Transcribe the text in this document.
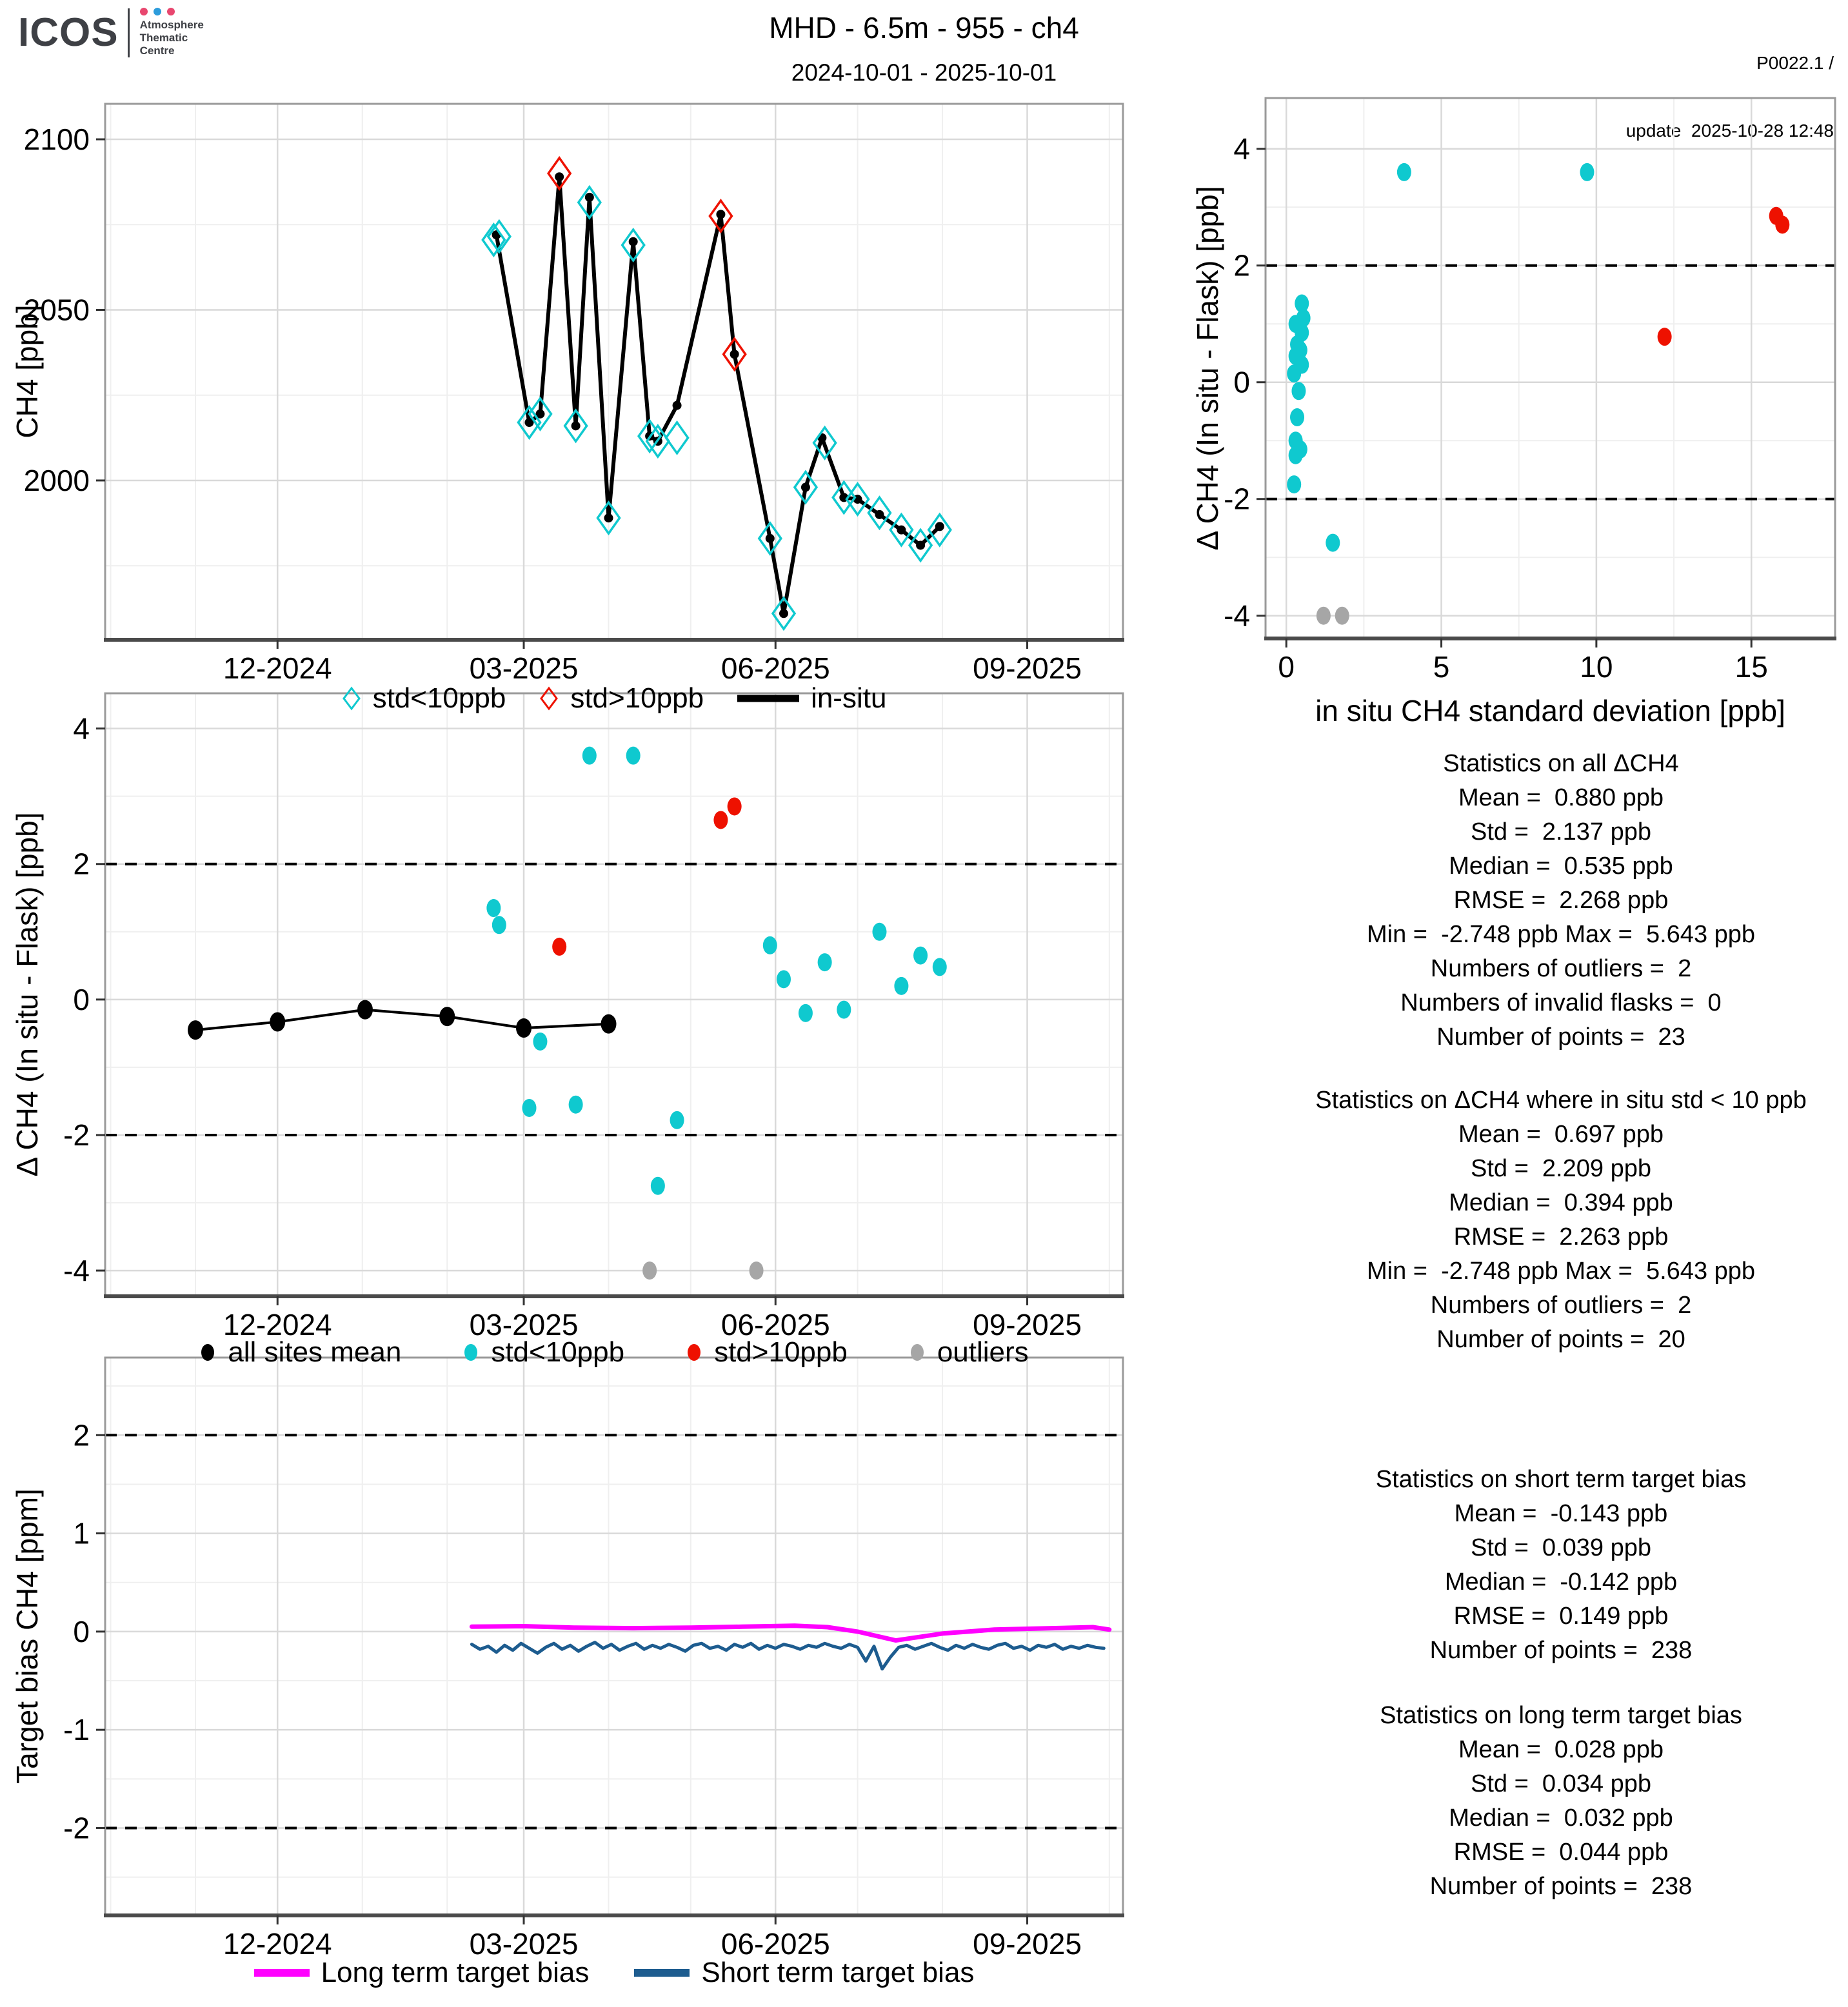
ICOS Atmosphere
Thematic
Centre
MHD - 6.5m - 955 - ch4
2024-10-01 - 2025-10-01

	P0022.1 /

update  2025-10-28 12:48

12-2024	03-2025	06-2025	09-2025
2000
2050
2100
0	5	10	15
-4
-2
0
2
4
in situ CH4 standard deviation [ppb]
12-2024	03-2025	06-2025	09-2025
-4
-2
0
2
4
12-2024	03-2025	06-2025	09-2025
-2
-1
0
1
2
CH4 [ppb]	Δ CH4 (In situ - Flask) [ppb]
Δ CH4 (In situ - Flask) [ppb]
Target bias CH4 [ppm]
std<10ppb std>10ppb	in-situ
all sites mean	std<10ppb	std>10ppb	outliers
Long term target bias	Short term target bias
Statistics on all ΔCH4
Mean =  0.880 ppb
Std =  2.137 ppb
Median =  0.535 ppb
RMSE =  2.268 ppb
Min =  -2.748 ppb Max =  5.643 ppb
Numbers of outliers =  2
Numbers of invalid flasks =  0
Number of points =  23
Statistics on ΔCH4 where in situ std < 10 ppb
Mean =  0.697 ppb
Std =  2.209 ppb
Median =  0.394 ppb
RMSE =  2.263 ppb
Min =  -2.748 ppb Max =  5.643 ppb
Numbers of outliers =  2
Number of points =  20
Statistics on short term target bias
Mean =  -0.143 ppb
Std =  0.039 ppb
Median =  -0.142 ppb
RMSE =  0.149 ppb
Number of points =  238
Statistics on long term target bias
Mean =  0.028 ppb
Std =  0.034 ppb
Median =  0.032 ppb
RMSE =  0.044 ppb
Number of points =  238
